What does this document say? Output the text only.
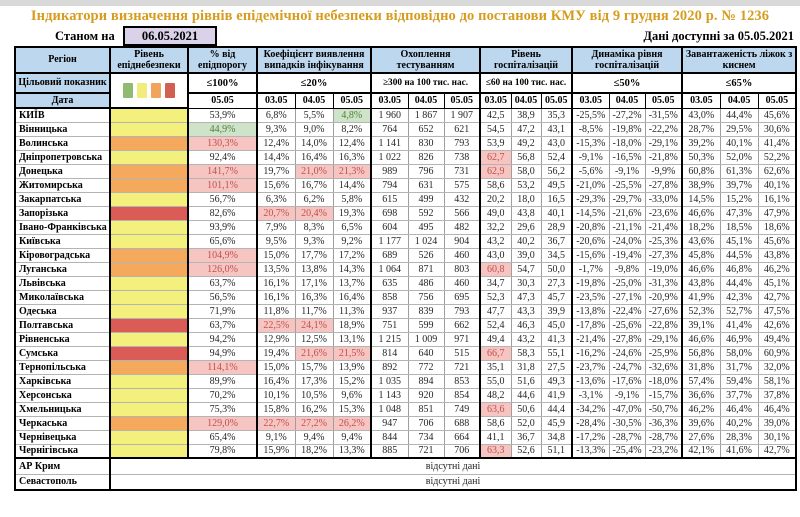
Індикатори визначення рівнів епідемічної небезпеки відповідно до постанови КМУ від 9 грудня 2020 р. № 1236
Станом на	06.05.2021	Дані доступні за 05.05.2021
Регіон	Рівень епіднебезпеки	% від епідпорогу	Коефіцієнт виявлення випадків інфікування			Охоплення тестуванням			Рівень госпіталізацій			Динаміка рівня госпіталізацій			Завантаженість ліжок з киснем		
Цільовий показник		≤100%	≤20%			≥300 на 100 тис. нас.			≤60 на 100 тис. нас.			≤50%			≤65%		
Дата		05.05	03.05	04.05	05.05	03.05	04.05	05.05	03.05	04.05	05.05	03.05	04.05	05.05	03.05	04.05	05.05
КИЇВ		53,9%	6,8%	5,5%	4,8%	1 960	1 867	1 907	42,5	38,9	35,3	-25,5%	-27,2%	-31,5%	43,0%	44,4%	45,6%
Вінницька		44,9%	9,3%	9,0%	8,2%	764	652	621	54,5	47,2	43,1	-8,5%	-19,8%	-22,2%	28,7%	29,5%	30,6%
Волинська		130,3%	12,4%	14,0%	12,4%	1 141	830	793	53,9	49,2	43,0	-15,3%	-18,0%	-29,1%	39,2%	40,1%	41,4%
Дніпропетровська		92,4%	14,4%	16,4%	16,3%	1 022	826	738	62,7	56,8	52,4	-9,1%	-16,5%	-21,8%	50,3%	52,0%	52,2%
Донецька		141,7%	19,7%	21,0%	21,3%	989	796	731	62,9	58,0	56,2	-5,6%	-9,1%	-9,9%	60,8%	61,3%	62,6%
Житомирська		101,1%	15,6%	16,7%	14,4%	794	631	575	58,6	53,2	49,5	-21,0%	-25,5%	-27,8%	38,9%	39,7%	40,1%
Закарпатська		56,7%	6,3%	6,2%	5,8%	615	499	432	20,2	18,0	16,5	-29,3%	-29,7%	-33,0%	14,5%	15,2%	16,1%
Запорізька		82,6%	20,7%	20,4%	19,3%	698	592	566	49,0	43,8	40,1	-14,5%	-21,6%	-23,6%	46,6%	47,3%	47,9%
Івано-Франківська		93,9%	7,9%	8,3%	6,5%	604	495	482	32,2	29,6	28,9	-20,8%	-21,1%	-21,4%	18,2%	18,5%	18,6%
Київська		65,6%	9,5%	9,3%	9,2%	1 177	1 024	904	43,2	40,2	36,7	-20,6%	-24,0%	-25,3%	43,6%	45,1%	45,6%
Кіровоградська		104,9%	15,0%	17,7%	17,2%	689	526	460	43,0	39,0	34,5	-15,6%	-19,4%	-27,3%	45,8%	44,5%	43,8%
Луганська		126,0%	13,5%	13,8%	14,3%	1 064	871	803	60,8	54,7	50,0	-1,7%	-9,8%	-19,0%	46,6%	46,8%	46,2%
Львівська		63,7%	16,1%	17,1%	13,7%	635	486	460	34,7	30,3	27,3	-19,8%	-25,0%	-31,3%	43,8%	44,4%	45,1%
Миколаївська		56,5%	16,1%	16,3%	16,4%	858	756	695	52,3	47,3	45,7	-23,5%	-27,1%	-20,9%	41,9%	42,3%	42,7%
Одеська		71,9%	11,8%	11,7%	11,3%	937	839	793	47,7	43,3	39,9	-13,8%	-22,4%	-27,6%	52,3%	52,7%	47,5%
Полтавська		63,7%	22,5%	24,1%	18,9%	751	599	662	52,4	46,3	45,0	-17,8%	-25,6%	-22,8%	39,1%	41,4%	42,6%
Рівненська		94,2%	12,9%	12,5%	13,1%	1 215	1 009	971	49,4	43,2	41,3	-21,4%	-27,8%	-29,1%	46,6%	46,9%	49,4%
Сумська		94,9%	19,4%	21,6%	21,5%	814	640	515	66,7	58,3	55,1	-16,2%	-24,6%	-25,9%	56,8%	58,0%	60,9%
Тернопільська		114,1%	15,0%	15,7%	13,9%	892	772	721	35,1	31,8	27,5	-23,7%	-24,7%	-32,6%	31,8%	31,7%	32,0%
Харківська		89,9%	16,4%	17,3%	15,2%	1 035	894	853	55,0	51,6	49,3	-13,6%	-17,6%	-18,0%	57,4%	59,4%	58,1%
Херсонська		70,2%	10,1%	10,5%	9,6%	1 143	920	854	48,2	44,6	41,9	-3,1%	-9,1%	-15,7%	36,6%	37,7%	37,8%
Хмельницька		75,3%	15,8%	16,2%	15,3%	1 048	851	749	63,6	50,6	44,4	-34,2%	-47,0%	-50,7%	46,2%	46,4%	46,4%
Черкаська		129,0%	22,7%	27,2%	26,2%	947	706	688	58,6	52,0	45,9	-28,4%	-30,5%	-36,3%	39,6%	40,2%	39,0%
Чернівецька		65,4%	9,1%	9,4%	9,4%	844	734	664	41,1	36,7	34,8	-17,2%	-28,7%	-28,7%	27,6%	28,3%	30,1%
Чернігівська		79,8%	15,9%	18,2%	13,3%	885	721	706	63,3	52,6	51,1	-13,3%	-25,4%	-23,2%	42,1%	41,6%	42,7%
АР Крим	відсутні дані																
Севастополь	відсутні дані																
